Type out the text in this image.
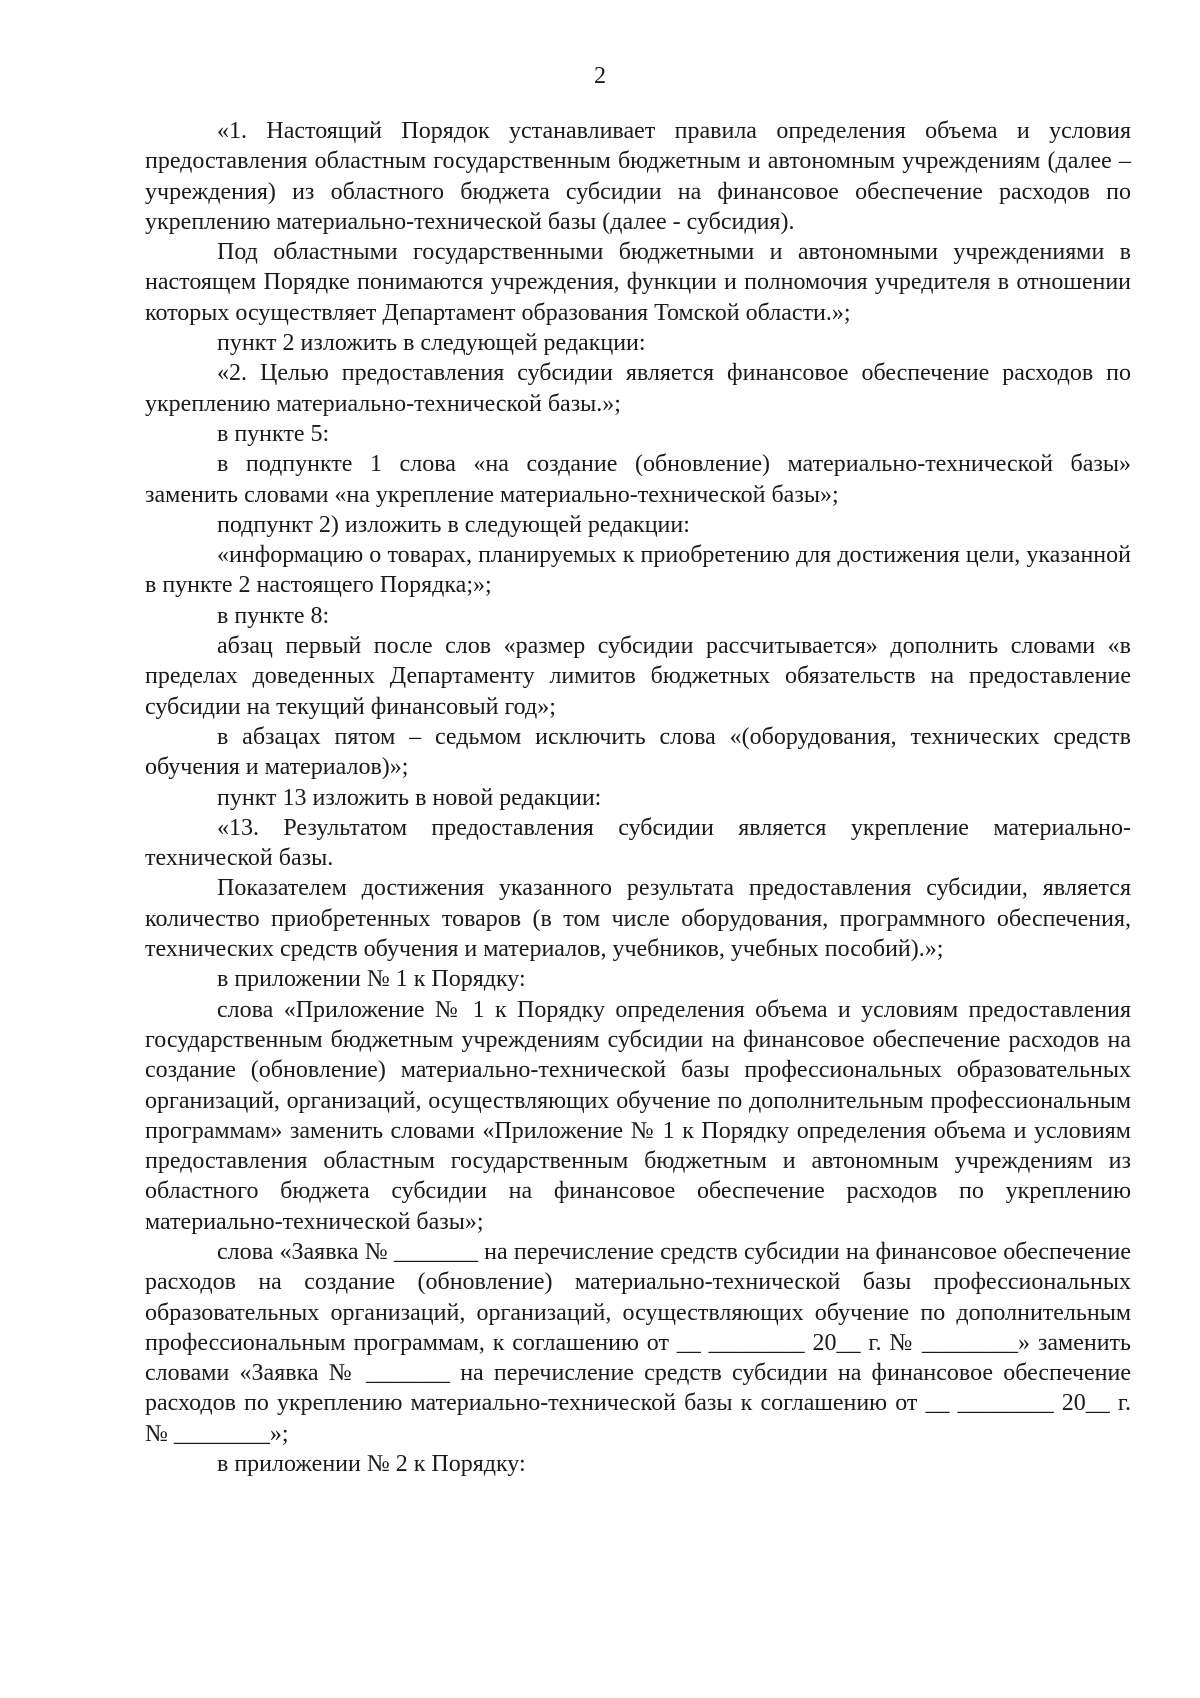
2

«1. Настоящий Порядок устанавливает правила определения объема и условия предоставления областным государственным бюджетным и автономным учреждениям (далее – учреждения) из областного бюджета субсидии на финансовое обеспечение расходов по укреплению материально-технической базы (далее - субсидия).

Под областными государственными бюджетными и автономными учреждениями в настоящем Порядке понимаются учреждения, функции и полномочия учредителя в отношении которых осуществляет Департамент образования Томской области.»;

пункт 2 изложить в следующей редакции:

«2. Целью предоставления субсидии является финансовое обеспечение расходов по укреплению материально-технической базы.»;

в пункте 5:

в подпункте 1 слова «на создание (обновление) материально-технической базы» заменить словами «на укрепление материально-технической базы»;

подпункт 2) изложить в следующей редакции:

«информацию о товарах, планируемых к приобретению для достижения цели, указанной в пункте 2 настоящего Порядка;»;

в пункте 8:

абзац первый после слов «размер субсидии рассчитывается» дополнить словами «в пределах доведенных Департаменту лимитов бюджетных обязательств на предоставление субсидии на текущий финансовый год»;

в абзацах пятом – седьмом исключить слова «(оборудования, технических средств обучения и материалов)»;

пункт 13 изложить в новой редакции:

«13. Результатом предоставления субсидии является укрепление материально-технической базы.

Показателем достижения указанного результата предоставления субсидии, является количество приобретенных товаров (в том числе оборудования, программного обеспечения, технических средств обучения и материалов, учебников, учебных пособий).»;

в приложении № 1 к Порядку:

слова «Приложение № 1 к Порядку определения объема и условиям предоставления государственным бюджетным учреждениям субсидии на финансовое обеспечение расходов на создание (обновление) материально-технической базы профессиональных образовательных организаций, организаций, осуществляющих обучение по дополнительным профессиональным программам» заменить словами «Приложение № 1 к Порядку определения объема и условиям предоставления областным государственным бюджетным и автономным учреждениям из областного бюджета субсидии на финансовое обеспечение расходов по укреплению материально-технической базы»;

слова «Заявка № _______ на перечисление средств субсидии на финансовое обеспечение расходов на создание (обновление) материально-технической базы профессиональных образовательных организаций, организаций, осуществляющих обучение по дополнительным профессиональным программам, к соглашению от __ ________ 20__ г. № ________» заменить словами «Заявка № _______ на перечисление средств субсидии на финансовое обеспечение расходов по укреплению материально-технической базы к соглашению от __ ________ 20__ г. № ________»;

в приложении № 2 к Порядку:
